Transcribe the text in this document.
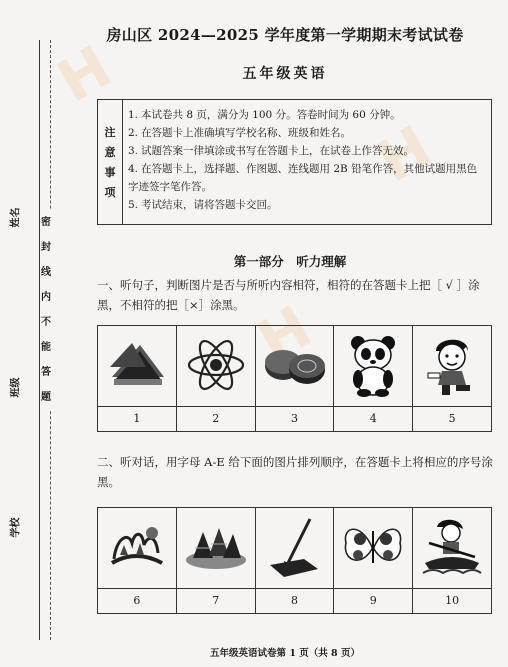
H
H
H
姓名
班级
学校
密
封
线
内
不
能
答
题
房山区 2024—2025 学年度第一学期期末考试试卷
五年级英语
注
意
事
项
1. 本试卷共 8 页，满分为 100 分。答卷时间为 60 分钟。
2. 在答题卡上准确填写学校名称、班级和姓名。
3. 试题答案一律填涂或书写在答题卡上，在试卷上作答无效。
4. 在答题卡上，选择题、作图题、连线题用 2B 铅笔作答，其他试题用黑色字迹签字笔作答。
5. 考试结束，请将答题卡交回。
第一部分　听力理解
一、听句子，判断图片是否与所听内容相符，相符的在答题卡上把［ √ ］涂黑，不相符的把［×］涂黑。
1	2	3	4	5
二、听对话，用字母 A-E 给下面的图片排列顺序，在答题卡上将相应的序号涂黑。
6	7	8	9	10
五年级英语试卷第 1 页（共 8 页）
